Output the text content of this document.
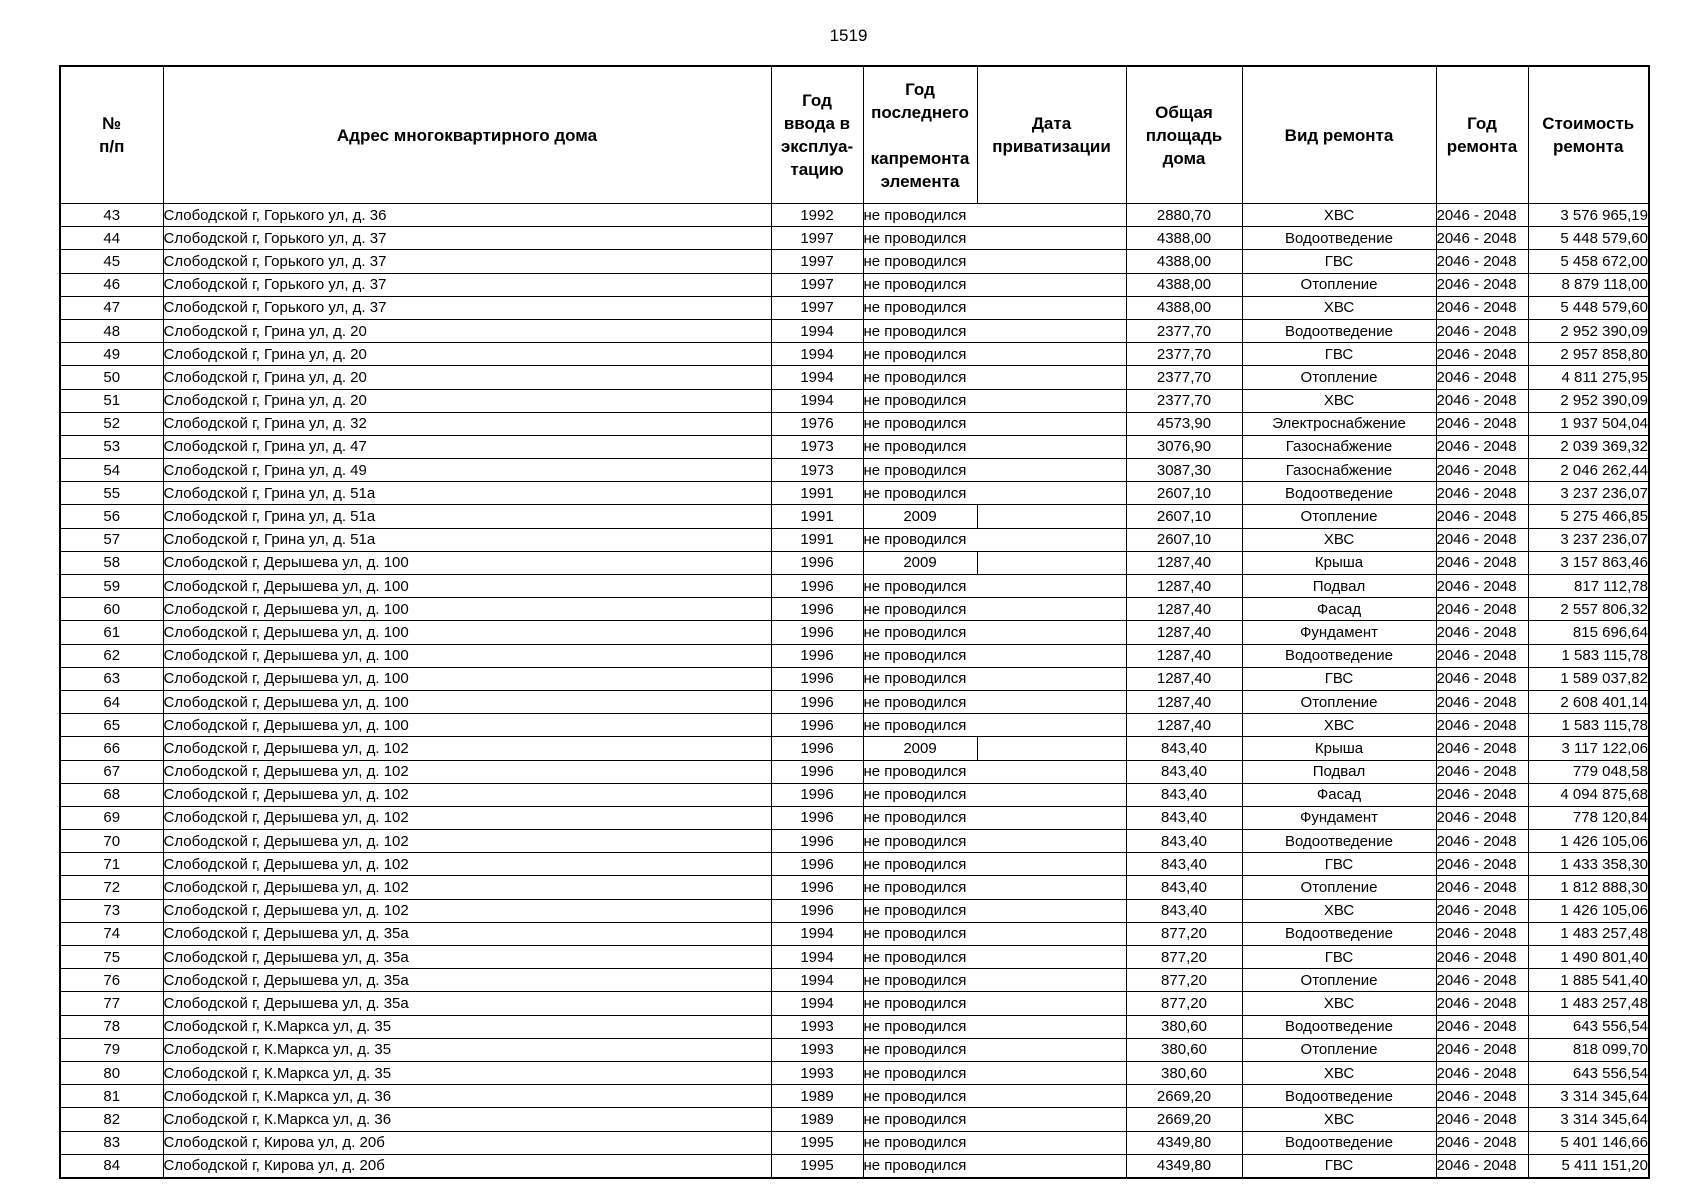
1519
№
п/п	Адрес многоквартирного дома	Год
ввода в
эксплуа-
тацию	Год
последнего

капремонта
элемента	Дата
приватизации	Общая
площадь
дома	Вид ремонта	Год
ремонта	Стоимость
ремонта

43	Слободской г, Горького ул, д. 36	1992	не проводился		2880,70	ХВС	2046 - 2048	3 576 965,19
44	Слободской г, Горького ул, д. 37	1997	не проводился		4388,00	Водоотведение	2046 - 2048	5 448 579,60
45	Слободской г, Горького ул, д. 37	1997	не проводился		4388,00	ГВС	2046 - 2048	5 458 672,00
46	Слободской г, Горького ул, д. 37	1997	не проводился		4388,00	Отопление	2046 - 2048	8 879 118,00
47	Слободской г, Горького ул, д. 37	1997	не проводился		4388,00	ХВС	2046 - 2048	5 448 579,60
48	Слободской г, Грина ул, д. 20	1994	не проводился		2377,70	Водоотведение	2046 - 2048	2 952 390,09
49	Слободской г, Грина ул, д. 20	1994	не проводился		2377,70	ГВС	2046 - 2048	2 957 858,80
50	Слободской г, Грина ул, д. 20	1994	не проводился		2377,70	Отопление	2046 - 2048	4 811 275,95
51	Слободской г, Грина ул, д. 20	1994	не проводился		2377,70	ХВС	2046 - 2048	2 952 390,09
52	Слободской г, Грина ул, д. 32	1976	не проводился		4573,90	Электроснабжение	2046 - 2048	1 937 504,04
53	Слободской г, Грина ул, д. 47	1973	не проводился		3076,90	Газоснабжение	2046 - 2048	2 039 369,32
54	Слободской г, Грина ул, д. 49	1973	не проводился		3087,30	Газоснабжение	2046 - 2048	2 046 262,44
55	Слободской г, Грина ул, д. 51а	1991	не проводился		2607,10	Водоотведение	2046 - 2048	3 237 236,07
56	Слободской г, Грина ул, д. 51а	1991	2009		2607,10	Отопление	2046 - 2048	5 275 466,85
57	Слободской г, Грина ул, д. 51а	1991	не проводился		2607,10	ХВС	2046 - 2048	3 237 236,07
58	Слободской г, Дерышева ул, д. 100	1996	2009		1287,40	Крыша	2046 - 2048	3 157 863,46
59	Слободской г, Дерышева ул, д. 100	1996	не проводился		1287,40	Подвал	2046 - 2048	817 112,78
60	Слободской г, Дерышева ул, д. 100	1996	не проводился		1287,40	Фасад	2046 - 2048	2 557 806,32
61	Слободской г, Дерышева ул, д. 100	1996	не проводился		1287,40	Фундамент	2046 - 2048	815 696,64
62	Слободской г, Дерышева ул, д. 100	1996	не проводился		1287,40	Водоотведение	2046 - 2048	1 583 115,78
63	Слободской г, Дерышева ул, д. 100	1996	не проводился		1287,40	ГВС	2046 - 2048	1 589 037,82
64	Слободской г, Дерышева ул, д. 100	1996	не проводился		1287,40	Отопление	2046 - 2048	2 608 401,14
65	Слободской г, Дерышева ул, д. 100	1996	не проводился		1287,40	ХВС	2046 - 2048	1 583 115,78
66	Слободской г, Дерышева ул, д. 102	1996	2009		843,40	Крыша	2046 - 2048	3 117 122,06
67	Слободской г, Дерышева ул, д. 102	1996	не проводился		843,40	Подвал	2046 - 2048	779 048,58
68	Слободской г, Дерышева ул, д. 102	1996	не проводился		843,40	Фасад	2046 - 2048	4 094 875,68
69	Слободской г, Дерышева ул, д. 102	1996	не проводился		843,40	Фундамент	2046 - 2048	778 120,84
70	Слободской г, Дерышева ул, д. 102	1996	не проводился		843,40	Водоотведение	2046 - 2048	1 426 105,06
71	Слободской г, Дерышева ул, д. 102	1996	не проводился		843,40	ГВС	2046 - 2048	1 433 358,30
72	Слободской г, Дерышева ул, д. 102	1996	не проводился		843,40	Отопление	2046 - 2048	1 812 888,30
73	Слободской г, Дерышева ул, д. 102	1996	не проводился		843,40	ХВС	2046 - 2048	1 426 105,06
74	Слободской г, Дерышева ул, д. 35а	1994	не проводился		877,20	Водоотведение	2046 - 2048	1 483 257,48
75	Слободской г, Дерышева ул, д. 35а	1994	не проводился		877,20	ГВС	2046 - 2048	1 490 801,40
76	Слободской г, Дерышева ул, д. 35а	1994	не проводился		877,20	Отопление	2046 - 2048	1 885 541,40
77	Слободской г, Дерышева ул, д. 35а	1994	не проводился		877,20	ХВС	2046 - 2048	1 483 257,48
78	Слободской г, К.Маркса ул, д. 35	1993	не проводился		380,60	Водоотведение	2046 - 2048	643 556,54
79	Слободской г, К.Маркса ул, д. 35	1993	не проводился		380,60	Отопление	2046 - 2048	818 099,70
80	Слободской г, К.Маркса ул, д. 35	1993	не проводился		380,60	ХВС	2046 - 2048	643 556,54
81	Слободской г, К.Маркса ул, д. 36	1989	не проводился		2669,20	Водоотведение	2046 - 2048	3 314 345,64
82	Слободской г, К.Маркса ул, д. 36	1989	не проводился		2669,20	ХВС	2046 - 2048	3 314 345,64
83	Слободской г, Кирова ул, д. 20б	1995	не проводился		4349,80	Водоотведение	2046 - 2048	5 401 146,66
84	Слободской г, Кирова ул, д. 20б	1995	не проводился		4349,80	ГВС	2046 - 2048	5 411 151,20
